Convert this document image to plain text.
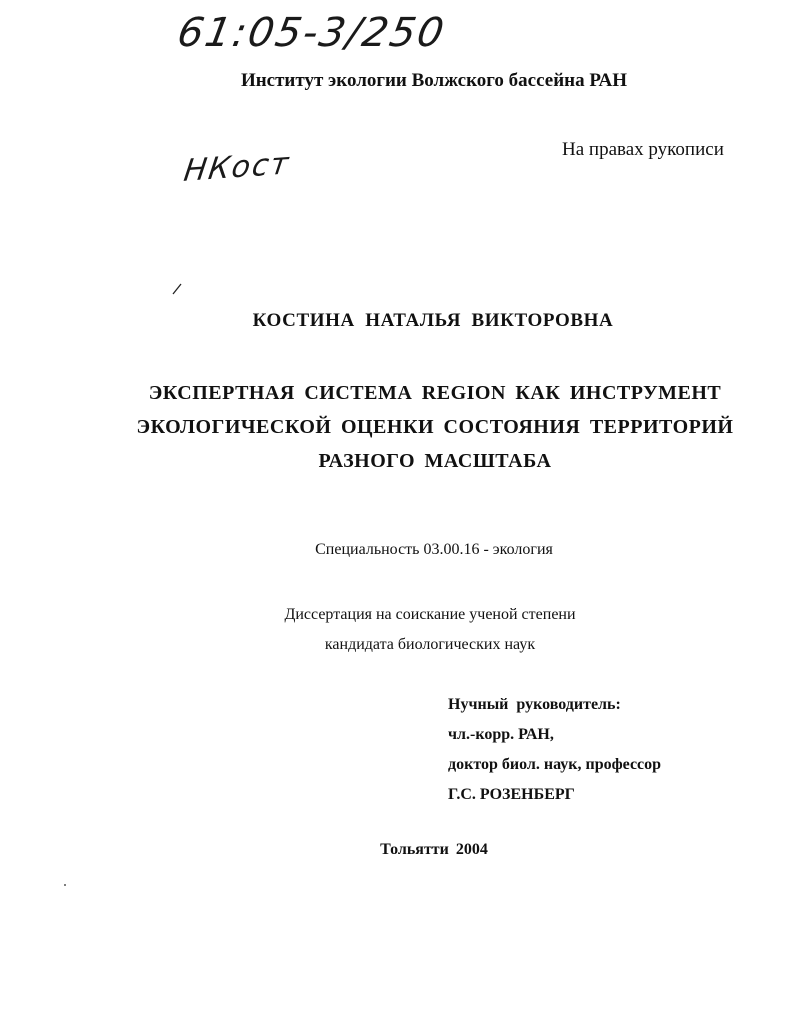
61:05-3/250
НКост
Институт экологии Волжского бассейна РАН
На правах рукописи
КОСТИНА НАТАЛЬЯ ВИКТОРОВНА
ЭКСПЕРТНАЯ СИСТЕМА REGION КАК ИНСТРУМЕНТ
ЭКОЛОГИЧЕСКОЙ ОЦЕНКИ СОСТОЯНИЯ ТЕРРИТОРИЙ
РАЗНОГО МАСШТАБА
Специальность 03.00.16 - экология
Диссертация на соискание ученой степени
кандидата биологических наук
Нучный руководитель:
чл.-корр. РАН,
доктор биол. наук, профессор
Г.С. РОЗЕНБЕРГ
Тольятти 2004
